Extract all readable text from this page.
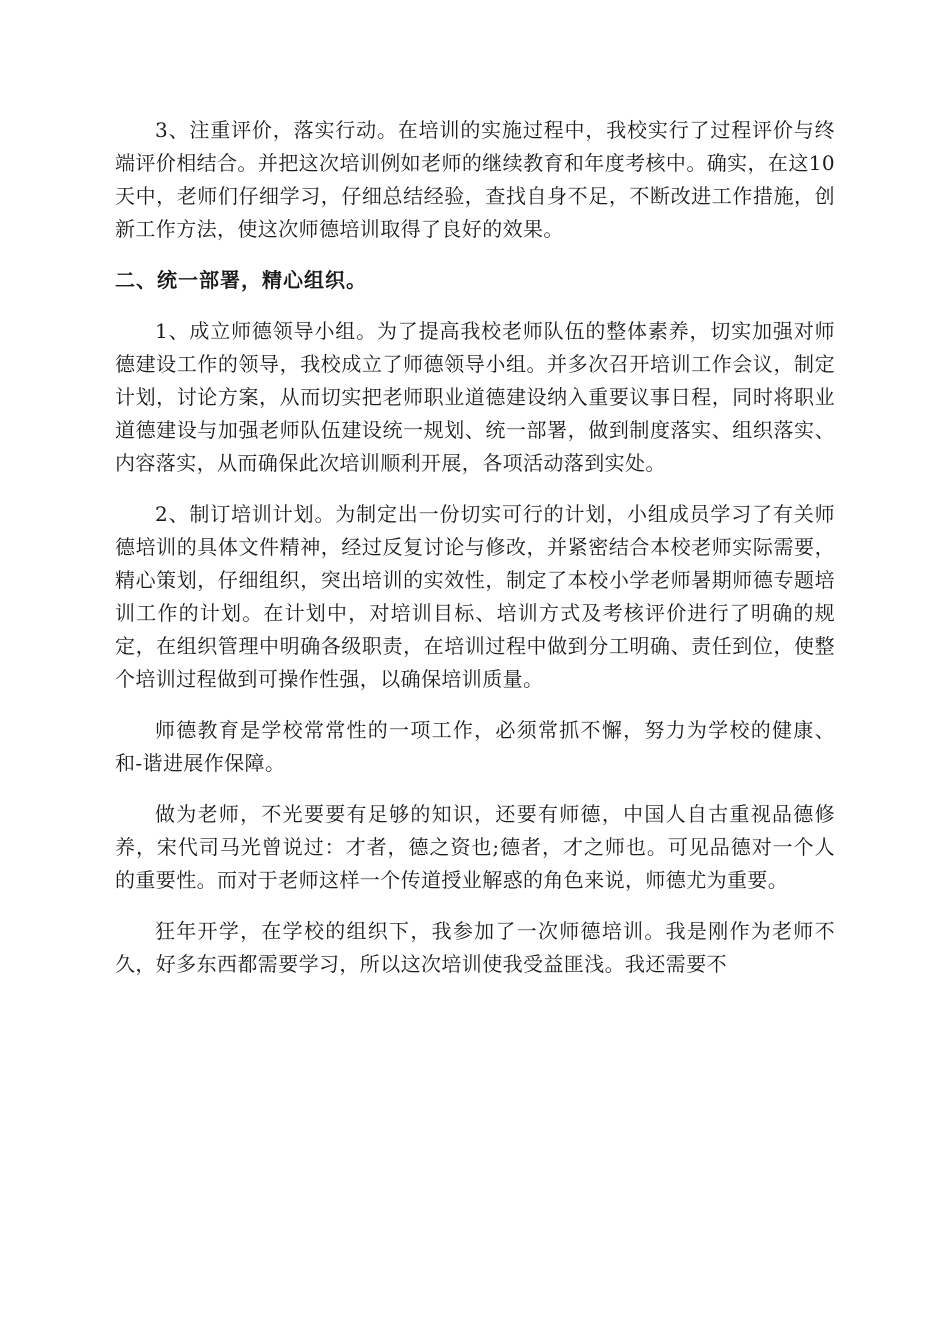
3、注重评价，落实行动。在培训的实施过程中，我校实行了过程评价与终端评价相结合。并把这次培训例如老师的继续教育和年度考核中。确实，在这10天中，老师们仔细学习，仔细总结经验，查找自身不足，不断改进工作措施，创新工作方法，使这次师德培训取得了良好的效果。

二、统一部署，精心组织。

1、成立师德领导小组。为了提高我校老师队伍的整体素养，切实加强对师德建设工作的领导，我校成立了师德领导小组。并多次召开培训工作会议，制定计划，讨论方案，从而切实把老师职业道德建设纳入重要议事日程，同时将职业道德建设与加强老师队伍建设统一规划、统一部署，做到制度落实、组织落实、内容落实，从而确保此次培训顺利开展，各项活动落到实处。

2、制订培训计划。为制定出一份切实可行的计划，小组成员学习了有关师德培训的具体文件精神，经过反复讨论与修改，并紧密结合本校老师实际需要，精心策划，仔细组织，突出培训的实效性，制定了本校小学老师暑期师德专题培训工作的计划。在计划中，对培训目标、培训方式及考核评价进行了明确的规定，在组织管理中明确各级职责，在培训过程中做到分工明确、责任到位，使整个培训过程做到可操作性强，以确保培训质量。

师德教育是学校常常性的一项工作，必须常抓不懈，努力为学校的健康、和-谐进展作保障。

做为老师，不光要要有足够的知识，还要有师德，中国人自古重视品德修养，宋代司马光曾说过：才者，德之资也;德者，才之师也。可见品德对一个人的重要性。而对于老师这样一个传道授业解惑的角色来说，师德尤为重要。

狂年开学，在学校的组织下，我参加了一次师德培训。我是刚作为老师不久，好多东西都需要学习，所以这次培训使我受益匪浅。我还需要不
